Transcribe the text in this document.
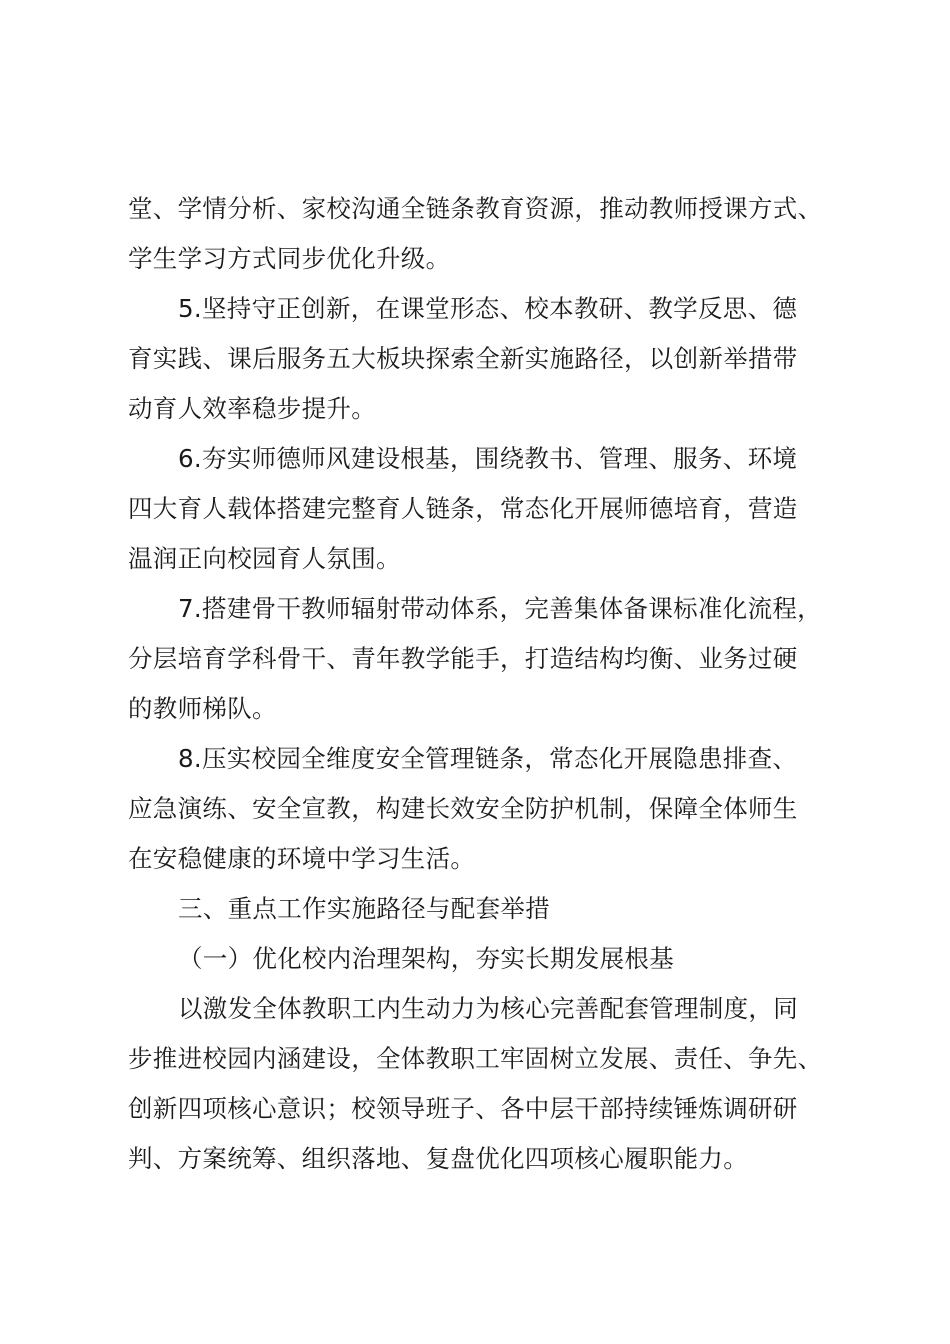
堂、学情分析、家校沟通全链条教育资源，推动教师授课方式、
学生学习方式同步优化升级。

5.坚持守正创新，在课堂形态、校本教研、教学反思、德
育实践、课后服务五大板块探索全新实施路径，以创新举措带
动育人效率稳步提升。

6.夯实师德师风建设根基，围绕教书、管理、服务、环境
四大育人载体搭建完整育人链条，常态化开展师德培育，营造
温润正向校园育人氛围。

7.搭建骨干教师辐射带动体系，完善集体备课标准化流程，
分层培育学科骨干、青年教学能手，打造结构均衡、业务过硬
的教师梯队。

8.压实校园全维度安全管理链条，常态化开展隐患排查、
应急演练、安全宣教，构建长效安全防护机制，保障全体师生
在安稳健康的环境中学习生活。

三、重点工作实施路径与配套举措

（一）优化校内治理架构，夯实长期发展根基

以激发全体教职工内生动力为核心完善配套管理制度，同
步推进校园内涵建设，全体教职工牢固树立发展、责任、争先、
创新四项核心意识；校领导班子、各中层干部持续锤炼调研研
判、方案统筹、组织落地、复盘优化四项核心履职能力。
